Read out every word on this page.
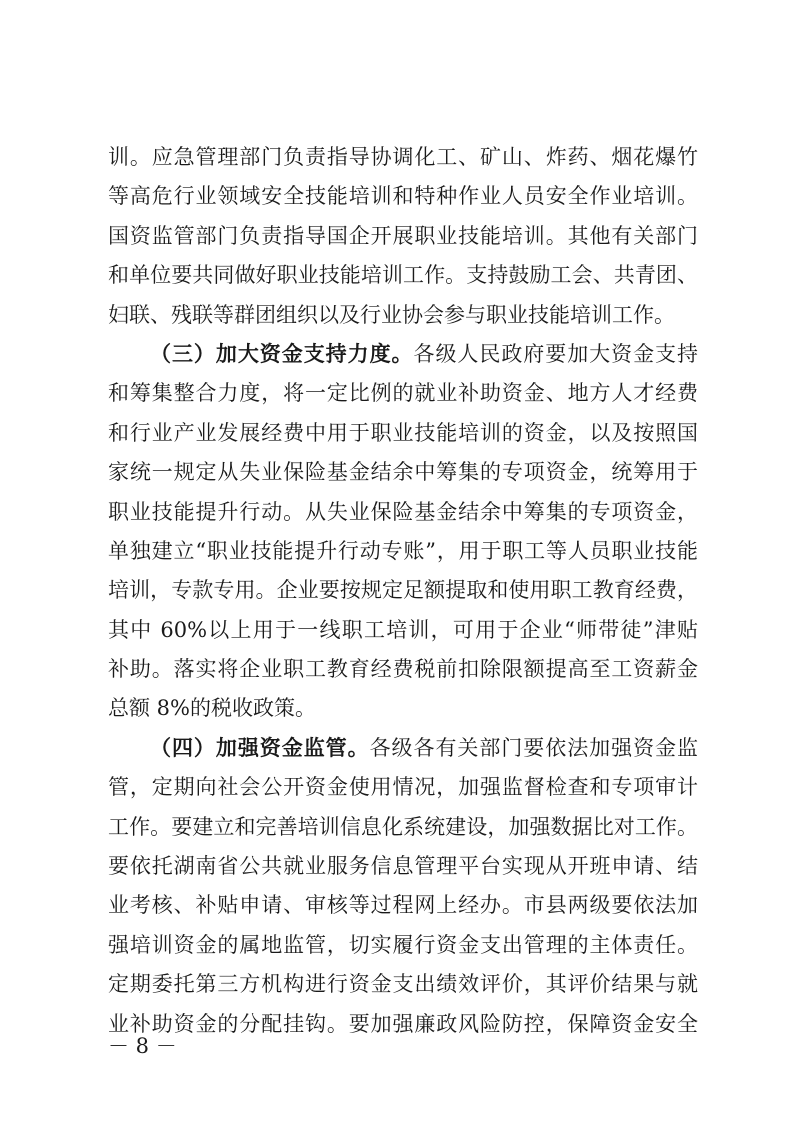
训。应急管理部门负责指导协调化工、矿山、炸药、烟花爆竹
等高危行业领域安全技能培训和特种作业人员安全作业培训。
国资监管部门负责指导国企开展职业技能培训。其他有关部门
和单位要共同做好职业技能培训工作。支持鼓励工会、共青团、
妇联、残联等群团组织以及行业协会参与职业技能培训工作。
（三）加大资金支持力度。各级人民政府要加大资金支持
和筹集整合力度，将一定比例的就业补助资金、地方人才经费
和行业产业发展经费中用于职业技能培训的资金，以及按照国
家统一规定从失业保险基金结余中筹集的专项资金，统筹用于
职业技能提升行动。从失业保险基金结余中筹集的专项资金，
单独建立“职业技能提升行动专账”，用于职工等人员职业技能
培训，专款专用。企业要按规定足额提取和使用职工教育经费，
其中 60%以上用于一线职工培训，可用于企业“师带徒”津贴
补助。落实将企业职工教育经费税前扣除限额提高至工资薪金
总额 8%的税收政策。
（四）加强资金监管。各级各有关部门要依法加强资金监
管，定期向社会公开资金使用情况，加强监督检查和专项审计
工作。要建立和完善培训信息化系统建设，加强数据比对工作。
要依托湖南省公共就业服务信息管理平台实现从开班申请、结
业考核、补贴申请、审核等过程网上经办。市县两级要依法加
强培训资金的属地监管，切实履行资金支出管理的主体责任。
定期委托第三方机构进行资金支出绩效评价，其评价结果与就
业补助资金的分配挂钩。要加强廉政风险防控，保障资金安全
－ 8 －
